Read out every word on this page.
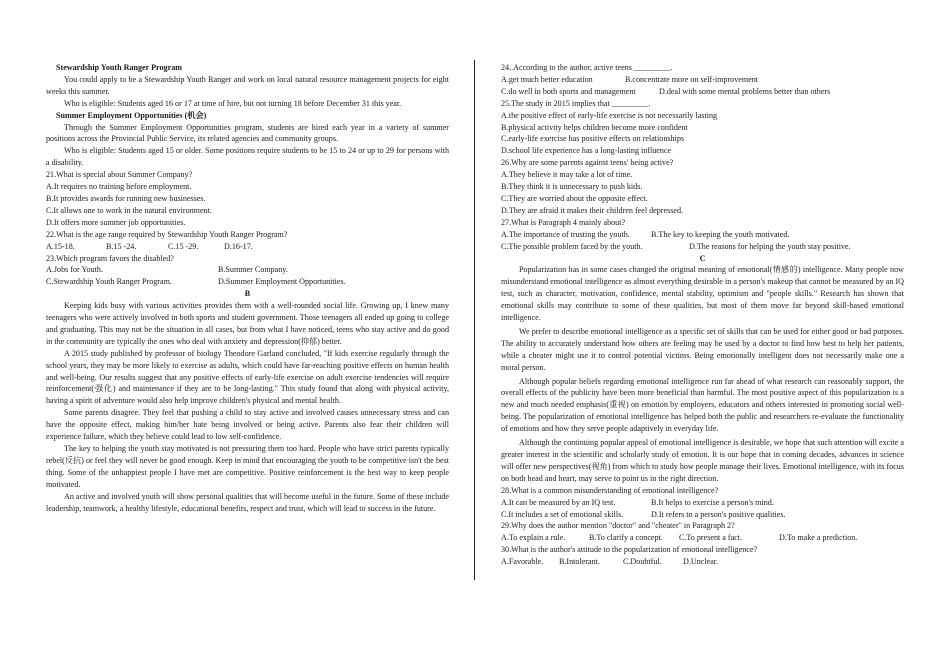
Stewardship Youth Ranger Program

You could apply to be a Stewardship Youth Ranger and work on local natural resource management projects for eight weeks this summer.

Who is eligible: Students aged 16 or 17 at time of hire, but not turning 18 before December 31 this year.

Summer Employment Opportunities (机会)

Through the Summer Employment Opportunities program, students are hired each year in a variety of summer positions across the Provincial Public Service, its related agencies and community groups.

Who is eligible: Students aged 15 or older. Some positions require students to be 15 to 24 or up to 29 for persons with a disability.

21.What is special about Summer Company?

A.It requires no training before employment.

B.It provides awards for running new businesses.

C.It allows one to work in the natural environment.

D.It offers more summer job opportunities.

22.What is the age range required by Stewardship Youth Ranger Program?

A.15-18.	B.15 -24.	C.15 -29.	D.16-17.

23.Which program favors the disabled?

A.Jobs for Youth.	B.Summer Company.
C.Stewardship Youth Ranger Program.	D.Summer Employment Opportunities.

B

Keeping kids busy with various activities provides them with a well-rounded social life. Growing up, I knew many teenagers who were actively involved in both sports and student government. Those teenagers all ended up going to college and graduating. This may not be the situation in all cases, but from what I have noticed, teens who stay active and do good in the community are typically the ones who deal with anxiety and depression(抑郁) better.

A 2015 study published by professor of biology Theodore Garland concluded, "If kids exercise regularly through the school years, they may be more likely to exercise as adults, which could have far-reaching positive effects on human health and well-being. Our results suggest that any positive effects of early-life exercise on adult exercise tendencies will require reinforcement(强化) and maintenance if they are to be long-lasting." This study found that along with physical activity, having a spirit of adventure would also help improve children's physical and mental health.

Some parents disagree. They feel that pushing a child to stay active and involved causes unnecessary stress and can have the opposite effect, making him/her hate being involved or being active. Parents also fear their children will experience failure, which they believe could lead to low self-confidence.

The key to helping the youth stay motivated is not pressuring them too hard. People who have strict parents typically rebel(反抗) or feel they will never be good enough. Keep in mind that encouraging the youth to be competitive isn't the best thing. Some of the unhappiest people I have met are competitive. Positive reinforcement is the best way to keep people motivated.

An active and involved youth will show personal qualities that will become useful in the future. Some of these include leadership, teamwork, a healthy lifestyle, educational benefits, respect and trust, which will lead to success in the future.

24..According to the author, active teens _________.

A.get much better education	B.concentrate more on self-improvement
C.do well in both sports and management	D.deal with some mental problems better than others

25.The study in 2015 implies that _________.

A.the positive effect of early-life exercise is not necessarily lasting

B.physical activity helps children become more confident

C.early-life exercise has positive effects on relationships

D.school life experience has a long-lasting influence

26.Why are some parents against teens' being active?

A.They believe it may take a lot of time.

B.They think it is unnecessary to push kids.

C.They are worried about the opposite effect.

D.They are afraid it makes their children feel depressed.

27.What is Paragraph 4 mainly about?

A.The importance of trusting the youth.	B.The key to keeping the youth motivated.
C.The possible problem faced by the youth.	D.The reasons for helping the youth stay positive.

C

Popularization has in some cases changed the original meaning of emotional(情感的) intelligence. Many people now misunderstand emotional intelligence as almost everything desirable in a person's makeup that cannot be measured by an IQ test, such as character, motivation, confidence, mental stability, optimism and "people skills." Research has shown that emotional skills may contribute to some of these qualities, but most of them move far beyond skill-based emotional intelligence.

We prefer to describe emotional intelligence as a specific set of skills that can be used for either good or bad purposes. The ability to accurately understand how others are feeling may be used by a doctor to find how best to help her patients, while a cheater might use it to control potential victims. Being emotionally intelligent does not necessarily make one a moral person.

Although popular beliefs regarding emotional intelligence run far ahead of what research can reasonably support, the overall effects of the publicity have been more beneficial than harmful. The most positive aspect of this popularization is a new and much needed emphasis(重视) on emotion by employers, educators and others interested in promoting social well-being. The popularization of emotional intelligence has helped both the public and researchers re-evaluate the functionality of emotions and how they serve people adaptively in everyday life.

Although the continuing popular appeal of emotional intelligence is desirable, we hope that such attention will excite a greater interest in the scientific and scholarly study of emotion. It is our hope that in coming decades, advances in science will offer new perspectives(视角) from which to study how people manage their lives. Emotional intelligence, with its focus on both head and heart, may serve to point us in the right direction.

28.What is a common misunderstanding of emotional intelligence?

A.It can be measured by an IQ test.	B.It helps to exercise a person's mind.
C.It includes a set of emotional skills.	D.It refers to a person's positive qualities.

29.Why does the author mention "doctor" and "cheater" in Paragraph 2?

A.To explain a rule.	B.To clarify a concept.	C.To present a fact.	D.To make a prediction.

30.What is the author's attitude to the popularization of emotional intelligence?

A.Favorable.	B.Intolerant.	C.Doubtful.	D.Unclear.
